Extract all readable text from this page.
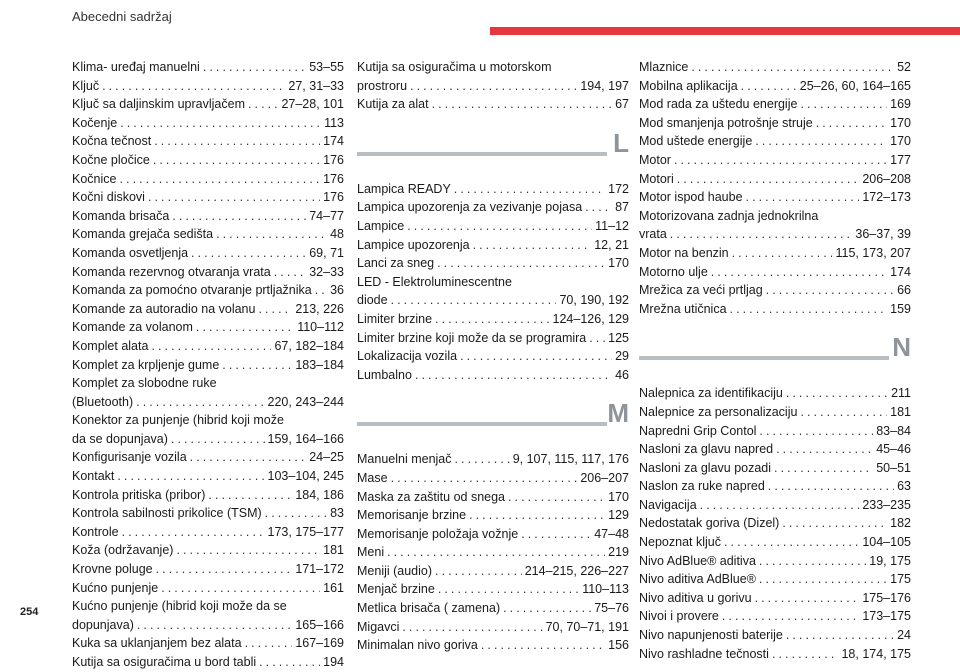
Abecedni sadržaj
Klima- uređaj manuelni . . .	53–55
Ključ . . .	27, 31–33
Ključ sa daljinskim upravljačem . . .	27–28, 101
Kočenje . . .	113
Kočna tečnost . . .	174
Kočne pločice . . .	176
Kočnice . . .	176
Kočni diskovi . . .	176
Komanda brisača . . .	74–77
Komanda grejača sedišta . . .	48
Komanda osvetljenja . . .	69, 71
Komanda rezervnog otvaranja vrata . . .	32–33
Komanda za pomoćno otvaranje prtljažnika . . . 36
Komande za autoradio na volanu . . .	213, 226
Komande za volanom . . .	110–112
Komplet alata . . .	67, 182–184
Komplet za krpljenje gume . . .	183–184
Komplet za slobodne ruke
(Bluetooth) . . .	220, 243–244
Konektor za punjenje (hibrid koji može
da se dopunjava) . . .	159, 164–166
Konfigurisanje vozila . . .	24–25
Kontakt . . .	103–104, 245
Kontrola pritiska (pribor) . . .	184, 186
Kontrola sabilnosti prikolice (TSM) . . .	83
Kontrole . . .	173, 175–177
Koža (održavanje) . . .	181
Krovne poluge . . .	171–172
Kućno punjenje . . .	161
Kućno punjenje (hibrid koji može da se
dopunjava) . . .	165–166
Kuka sa uklanjanjem bez alata . . .	167–169
Kutija sa osiguračima u bord tabli . . .	194
Kutija sa osiguračima u motorskom
prostroru . . .	194, 197
Kutija za alat . . .	67
L
Lampica READY . . .	172
Lampica upozorenja za vezivanje pojasa . . .	87
Lampice . . .	11–12
Lampice upozorenja . . .	12, 21
Lanci za sneg . . .	170
LED - Elektroluminescentne
diode . . .	70, 190, 192
Limiter brzine . . .	124–126, 129
Limiter brzine koji može da se programira . . . 125
Lokalizacija vozila . . .	29
Lumbalno . . .	46
M
Manuelni menjač . . .	9, 107, 115, 117, 176
Mase . . .	206–207
Maska za zaštitu od snega . . .	170
Memorisanje brzine . . .	129
Memorisanje položaja vožnje . . .	47–48
Meni . . .	219
Meniji (audio) . . .	214–215, 226–227
Menjač brzine . . .	110–113
Metlica brisača ( zamena) . . .	75–76
Migavci . . .	70, 70–71, 191
Minimalan nivo goriva . . .	156
Mlaznice . . .	52
Mobilna aplikacija . . .	25–26, 60, 164–165
Mod rada za uštedu energije . . .	169
Mod smanjenja potrošnje struje . . .	170
Mod uštede energije . . .	170
Motor . . .	177
Motori . . .	206–208
Motor ispod haube . . .	172–173
Motorizovana zadnja jednokrilna
vrata . . .	36–37, 39
Motor na benzin . . .	115, 173, 207
Motorno ulje . . .	174
Mrežica za veći prtljag . . .	66
Mrežna utičnica . . .	159
N
Nalepnica za identifikaciju . . .	211
Nalepnice za personalizaciju . . .	181
Napredni Grip Contol . . .	83–84
Nasloni za glavu napred . . .	45–46
Nasloni za glavu pozadi . . .	50–51
Naslon za ruke napred . . .	63
Navigacija . . .	233–235
Nedostatak goriva (Dizel) . . .	182
Nepoznat ključ . . .	104–105
Nivo AdBlue® aditiva . . .	19, 175
Nivo aditiva AdBlue® . . .	175
Nivo aditiva u gorivu . . .	175–176
Nivoi i provere . . .	173–175
Nivo napunjenosti baterije . . .	24
Nivo rashladne tečnosti . . .	18, 174, 175
254
